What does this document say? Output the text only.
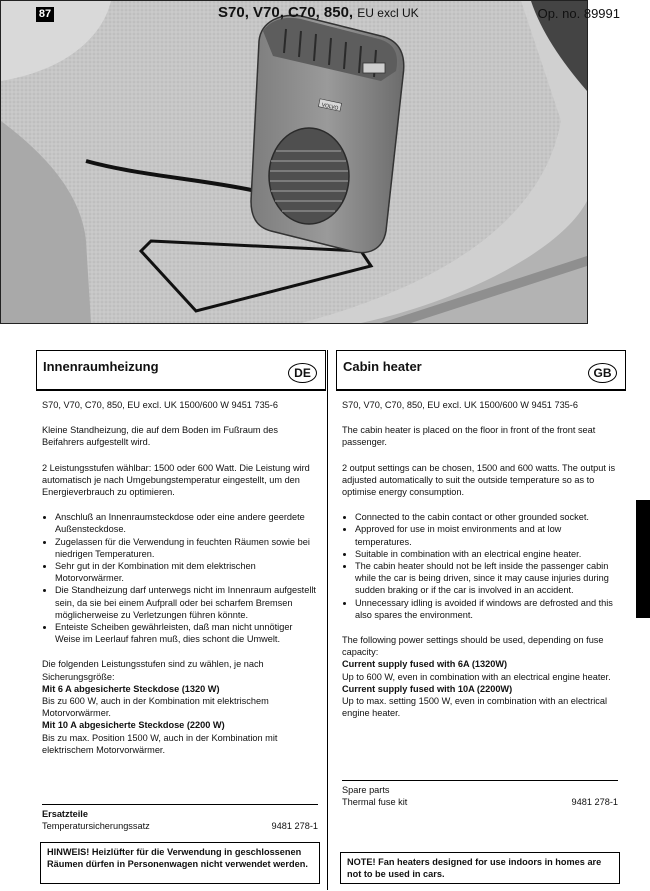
87	S70, V70, C70, 850, EU excl UK	Op. no. 89991
VOLVO
Innenraumheizung	DE

S70, V70, C70, 850, EU excl. UK 1500/600 W 9451 735-6

Kleine Standheizung, die auf dem Boden im Fußraum des Beifahrers aufgestellt wird.

2 Leistungsstufen wählbar: 1500 oder 600 Watt. Die Leistung wird automatisch je nach Umgebungstemperatur eingestellt, um den Energieverbrauch zu optimieren.

• Anschluß an Innenraumsteckdose oder eine andere geerdete Außensteckdose.
• Zugelassen für die Verwendung in feuchten Räumen sowie bei niedrigen Temperaturen.
• Sehr gut in der Kombination mit dem elektrischen Motorvorwärmer.
• Die Standheizung darf unterwegs nicht im Innenraum aufgestellt sein, da sie bei einem Aufprall oder bei scharfem Bremsen möglicherweise zu Verletzungen führen könnte.
• Enteiste Scheiben gewährleisten, daß man nicht unnötiger Weise im Leerlauf fahren muß, dies schont die Umwelt.

Die folgenden Leistungsstufen sind zu wählen, je nach Sicherungsgröße:

Mit 6 A abgesicherte Steckdose (1320 W)
Bis zu 600 W, auch in der Kombination mit elektrischem Motorvorwärmer.
Mit 10 A abgesicherte Steckdose (2200 W)
Bis zu max. Position 1500 W, auch in der Kombination mit elektrischem Motorvorwärmer.
Ersatzteile
Temperatursicherungssatz	9481 278-1
HINWEIS! Heizlüfter für die Verwendung in geschlossenen Räumen dürfen in Personenwagen nicht verwendet werden.
Cabin heater	GB

S70, V70, C70, 850, EU excl. UK 1500/600 W 9451 735-6

The cabin heater is placed on the floor in front of the front seat passenger.

2 output settings can be chosen, 1500 and 600 watts. The output is adjusted automatically to suit the outside temperature so as to optimise energy consumption.

• Connected to the cabin contact or other grounded socket.
• Approved for use in moist environments and at low temperatures.
• Suitable in combination with an electrical engine heater.
• The cabin heater should not be left inside the passenger cabin while the car is being driven, since it may cause injuries during sudden braking or if the car is involved in an accident.
• Unnecessary idling is avoided if windows are defrosted and this also spares the environment.

The following power settings should be used, depending on fuse capacity:

Current supply fused with 6A (1320W)
Up to 600 W, even in combination with an electrical engine heater.
Current supply fused with 10A (2200W)
Up to max. setting 1500 W, even in combination with an electrical engine heater.
Spare parts
Thermal fuse kit	9481 278-1
NOTE! Fan heaters designed for use indoors in homes are not to be used in cars.
